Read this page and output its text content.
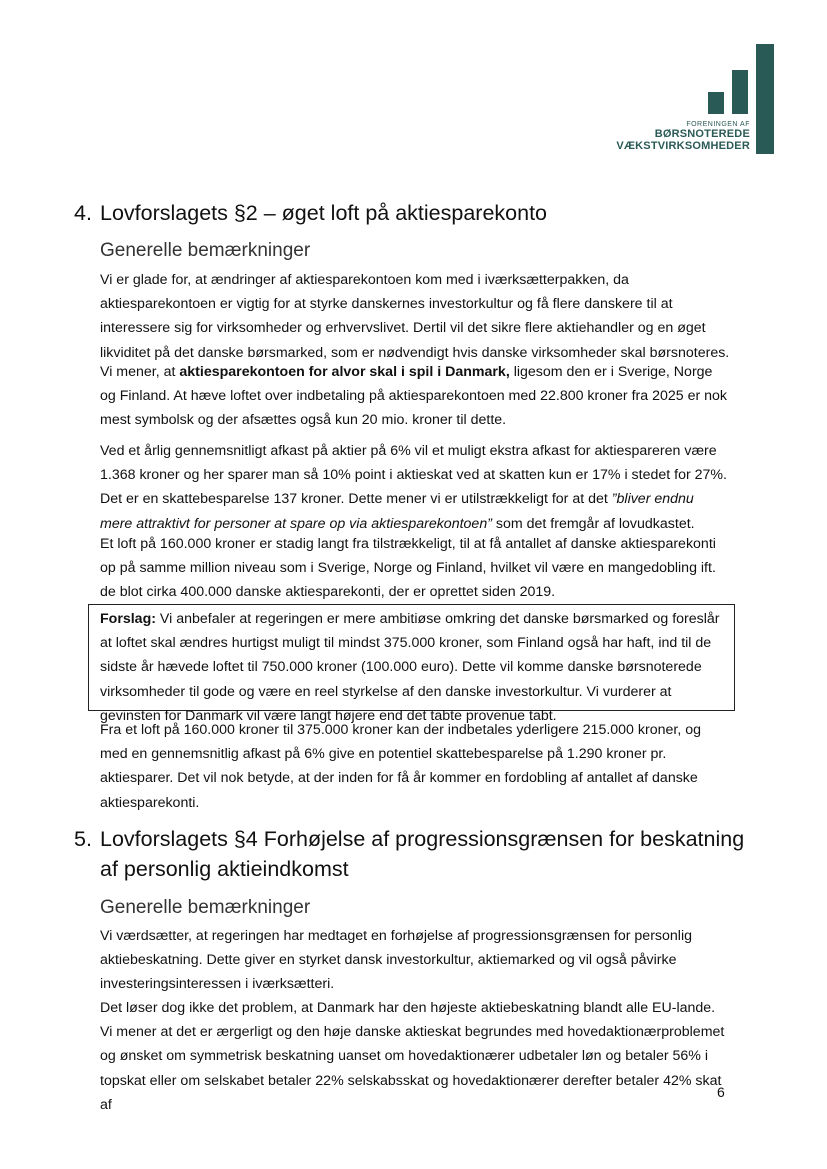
FORENINGEN AF
BØRSNOTEREDE
VÆKSTVIRKSOMHEDER
4. Lovforslagets §2 – øget loft på aktiesparekonto
Generelle bemærkninger

Vi er glade for, at ændringer af aktiesparekontoen kom med i iværksætterpakken, da aktiesparekontoen er vigtig for at styrke danskernes investorkultur og få flere danskere til at interessere sig for virksomheder og erhvervslivet. Dertil vil det sikre flere aktiehandler og en øget likviditet på det danske børsmarked, som er nødvendigt hvis danske virksomheder skal børsnoteres.

Vi mener, at aktiesparekontoen for alvor skal i spil i Danmark, ligesom den er i Sverige, Norge og Finland. At hæve loftet over indbetaling på aktiesparekontoen med 22.800 kroner fra 2025 er nok mest symbolsk og der afsættes også kun 20 mio. kroner til dette.

Ved et årlig gennemsnitligt afkast på aktier på 6% vil et muligt ekstra afkast for aktiespareren være 1.368 kroner og her sparer man så 10% point i aktieskat ved at skatten kun er 17% i stedet for 27%. Det er en skattebesparelse 137 kroner. Dette mener vi er utilstrækkeligt for at det ”bliver endnu mere attraktivt for personer at spare op via aktiesparekontoen” som det fremgår af lovudkastet.

Et loft på 160.000 kroner er stadig langt fra tilstrækkeligt, til at få antallet af danske aktiesparekonti op på samme million niveau som i Sverige, Norge og Finland, hvilket vil være en mangedobling ift. de blot cirka 400.000 danske aktiesparekonti, der er oprettet siden 2019.

Forslag: Vi anbefaler at regeringen er mere ambitiøse omkring det danske børsmarked og foreslår at loftet skal ændres hurtigst muligt til mindst 375.000 kroner, som Finland også har haft, ind til de sidste år hævede loftet til 750.000 kroner (100.000 euro). Dette vil komme danske børsnoterede virksomheder til gode og være en reel styrkelse af den danske investorkultur. Vi vurderer at gevinsten for Danmark vil være langt højere end det tabte provenue tabt.

Fra et loft på 160.000 kroner til 375.000 kroner kan der indbetales yderligere 215.000 kroner, og med en gennemsnitlig afkast på 6% give en potentiel skattebesparelse på 1.290 kroner pr. aktiesparer. Det vil nok betyde, at der inden for få år kommer en fordobling af antallet af danske aktiesparekonti.

5. Lovforslagets §4 Forhøjelse af progressionsgrænsen for beskatning af personlig aktieindkomst
Generelle bemærkninger

Vi værdsætter, at regeringen har medtaget en forhøjelse af progressionsgrænsen for personlig aktiebeskatning. Dette giver en styrket dansk investorkultur, aktiemarked og vil også påvirke investeringsinteressen i iværksætteri.

Det løser dog ikke det problem, at Danmark har den højeste aktiebeskatning blandt alle EU-lande. Vi mener at det er ærgerligt og den høje danske aktieskat begrundes med hovedaktionærproblemet og ønsket om symmetrisk beskatning uanset om hovedaktionærer udbetaler løn og betaler 56% i topskat eller om selskabet betaler 22% selskabsskat og hovedaktionærer derefter betaler 42% skat af

6
